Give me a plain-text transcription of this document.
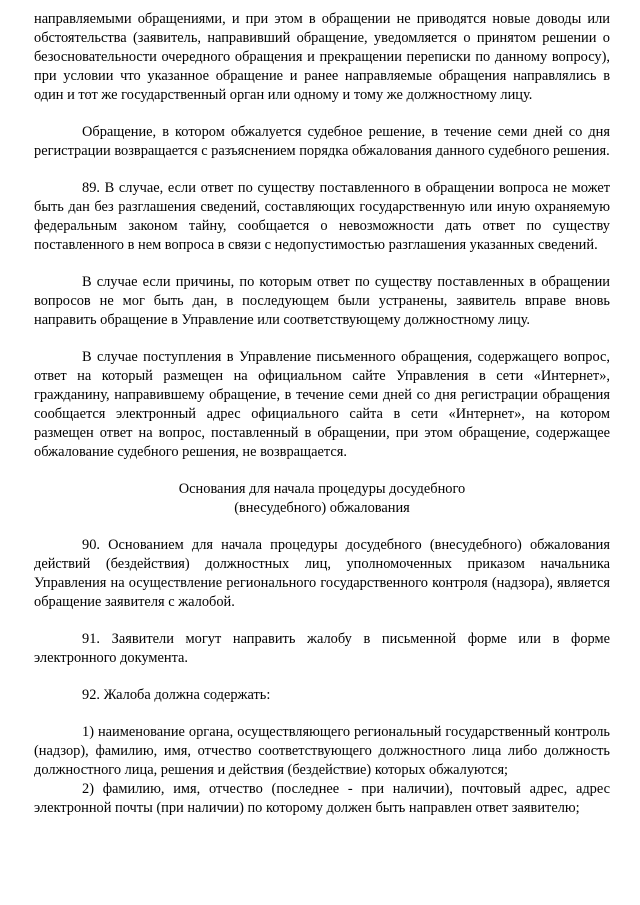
направляемыми обращениями, и при этом в обращении не приводятся новые доводы или обстоятельства (заявитель, направивший обращение, уведомляется о принятом решении о безосновательности очередного обращения и прекращении переписки по данному вопросу), при условии что указанное обращение и ранее направляемые обращения направлялись в один и тот же государственный орган или одному и тому же должностному лицу.

Обращение, в котором обжалуется судебное решение, в течение семи дней со дня регистрации возвращается с разъяснением порядка обжалования данного судебного решения.

89. В случае, если ответ по существу поставленного в обращении вопроса не может быть дан без разглашения сведений, составляющих государственную или иную охраняемую федеральным законом тайну, сообщается о невозможности дать ответ по существу поставленного в нем вопроса в связи с недопустимостью разглашения указанных сведений.

В случае если причины, по которым ответ по существу поставленных в обращении вопросов не мог быть дан, в последующем были устранены, заявитель вправе вновь направить обращение в Управление или соответствующему должностному лицу.

В случае поступления в Управление письменного обращения, содержащего вопрос, ответ на который размещен на официальном сайте Управления в сети «Интернет», гражданину, направившему обращение, в течение семи дней со дня регистрации обращения сообщается электронный адрес официального сайта в сети «Интернет», на котором размещен ответ на вопрос, поставленный в обращении, при этом обращение, содержащее обжалование судебного решения, не возвращается.

Основания для начала процедуры досудебного
(внесудебного) обжалования

90. Основанием для начала процедуры досудебного (внесудебного) обжалования действий (бездействия) должностных лиц, уполномоченных приказом начальника Управления на осуществление регионального государственного контроля (надзора), является обращение заявителя с жалобой.

91. Заявители могут направить жалобу в письменной форме или в форме электронного документа.

92. Жалоба должна содержать:

1) наименование органа, осуществляющего региональный государственный контроль (надзор), фамилию, имя, отчество соответствующего должностного лица либо должность должностного лица, решения и действия (бездействие) которых обжалуются;

2) фамилию, имя, отчество (последнее - при наличии), почтовый адрес, адрес электронной почты (при наличии) по которому должен быть направлен ответ заявителю;
